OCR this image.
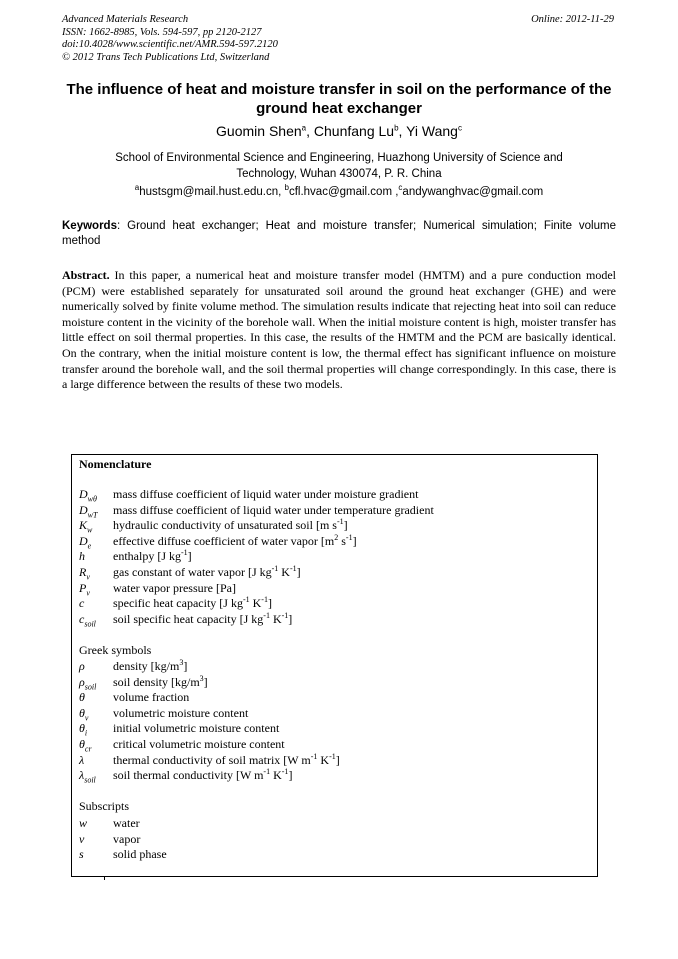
Advanced Materials Research
ISSN: 1662-8985, Vols. 594-597, pp 2120-2127
doi:10.4028/www.scientific.net/AMR.594-597.2120
© 2012 Trans Tech Publications Ltd, Switzerland
Online: 2012-11-29
The influence of heat and moisture transfer in soil on the performance of the ground heat exchanger
Guomin Shen$^a$, Chunfang Lu$^b$, Yi Wang$^c$
School of Environmental Science and Engineering, Huazhong University of Science and
Technology, Wuhan 430074, P. R. China
$^a$hustsgm@mail.hust.edu.cn, $^b$cfl.hvac@gmail.com ,$^c$andywanghvac@gmail.com
Keywords: Ground heat exchanger; Heat and moisture transfer; Numerical simulation; Finite volume method
Abstract. In this paper, a numerical heat and moisture transfer model (HMTM) and a pure conduction model (PCM) were established separately for unsaturated soil around the ground heat exchanger (GHE) and were numerically solved by finite volume method. The simulation results indicate that rejecting heat into soil can reduce moisture content in the vicinity of the borehole wall. When the initial moisture content is high, moister transfer has little effect on soil thermal properties. In this case, the results of the HMTM and the PCM are basically identical. On the contrary, when the initial moisture content is low, the thermal effect has significant influence on moisture transfer around the borehole wall, and the soil thermal properties will change correspondingly. In this case, there is a large difference between the results of these two models.
Nomenclature
$D_{w\theta}$	mass diffuse coefficient of liquid water under moisture gradient
$D_{wT}$	mass diffuse coefficient of liquid water under temperature gradient
$K_w$	hydraulic conductivity of unsaturated soil [m $s^{-1}$]
$D_e$	effective diffuse coefficient of water vapor [$m^2$ $s^{-1}$]
h	enthalpy [J $kg^{-1}$]
$R_v$	gas constant of water vapor [J $kg^{-1}$ $K^{-1}$]
$P_v$	water vapor pressure [Pa]
c	specific heat capacity [J $kg^{-1}$ $K^{-1}$]
$c_{soil}$	soil specific heat capacity [J $kg^{-1}$ $K^{-1}$]
Greek symbols
ρ	density $[kg/m^3]$
$\rho_{soil}$	soil density $[kg/m^3]$
θ	volume fraction
$\theta_v$	volumetric moisture content
$\theta_i$	initial volumetric moisture content
$\theta_{cr}$	critical volumetric moisture content
λ	thermal conductivity of soil matrix [W $m^{-1}$ $K^{-1}$]
$\lambda_{soil}$	soil thermal conductivity [W $m^{-1}$ $K^{-1}$]
Subscripts
w	water
v	vapor
s	solid phase
